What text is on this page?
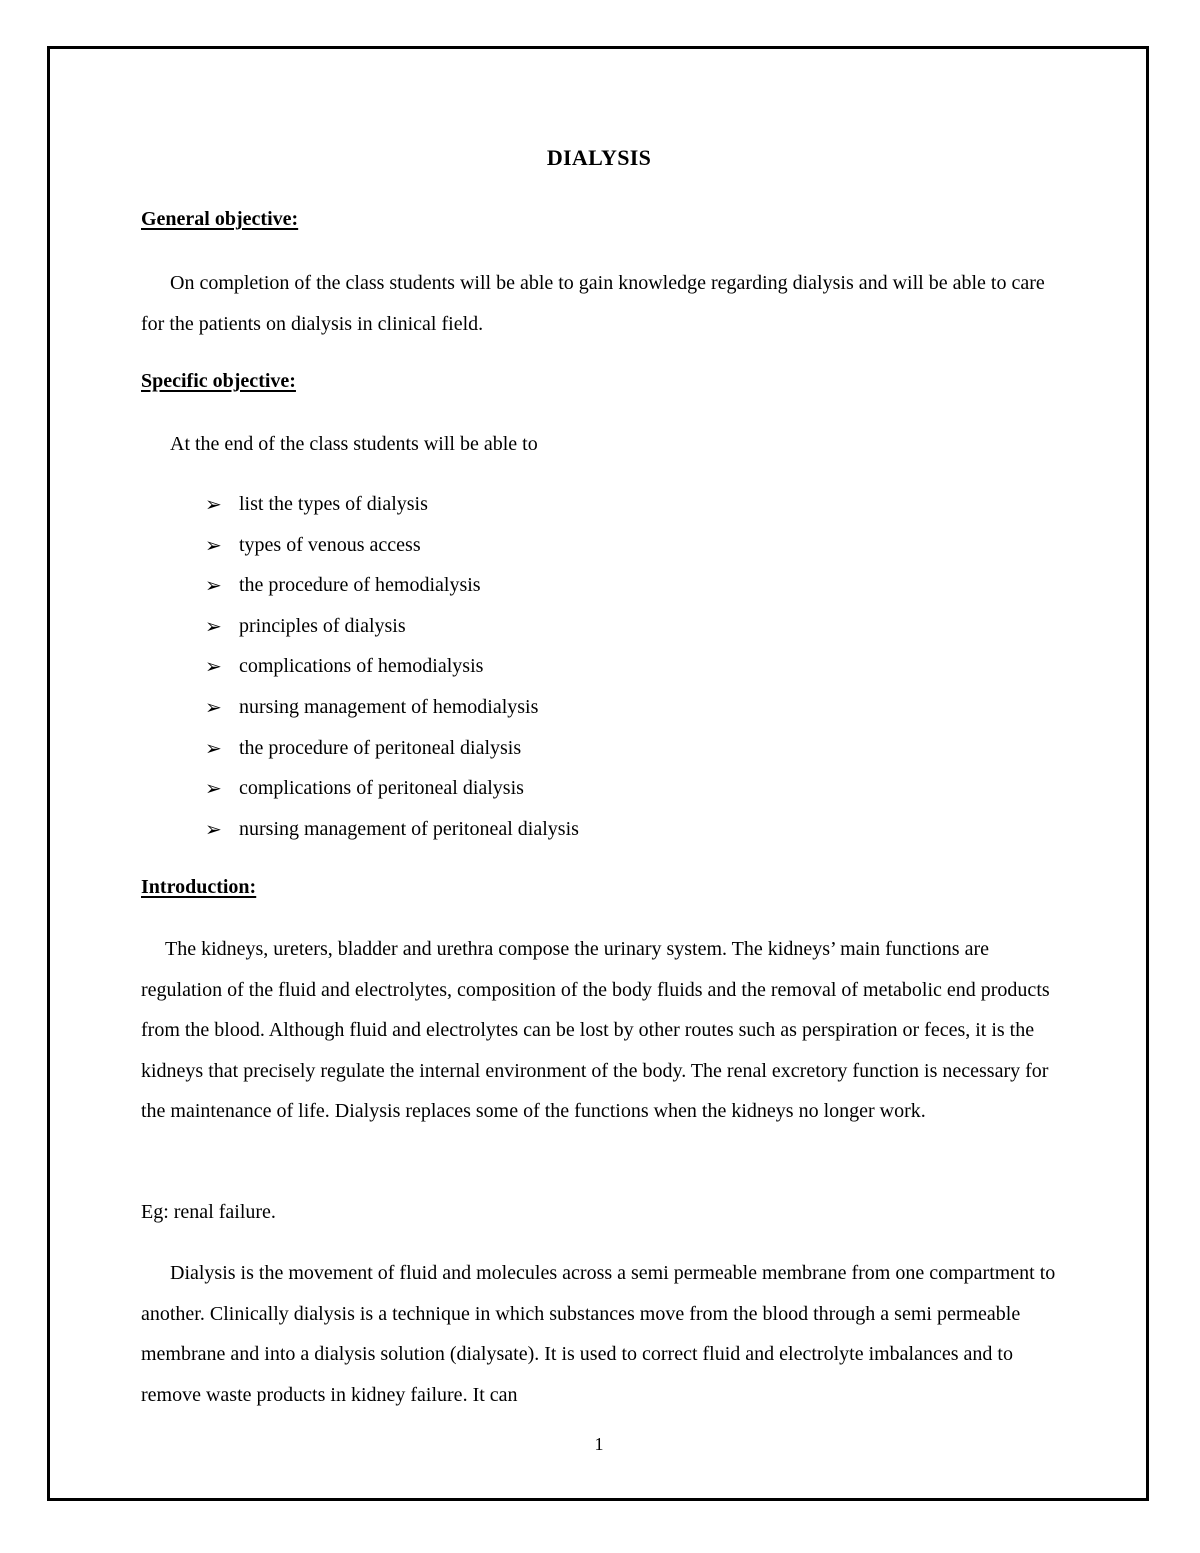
DIALYSIS
General objective:

On completion of the class students will be able to gain knowledge regarding dialysis and will be able to care for the patients on dialysis in clinical field.

Specific objective:

At the end of the class students will be able to

➢ list the types of dialysis
➢ types of venous access
➢ the procedure of hemodialysis
➢ principles of dialysis
➢ complications of hemodialysis
➢ nursing management of hemodialysis
➢ the procedure of peritoneal dialysis
➢ complications of peritoneal dialysis
➢ nursing management of peritoneal dialysis
Introduction:

The kidneys, ureters, bladder and urethra compose the urinary system. The kidneys’ main functions are regulation of the fluid and electrolytes, composition of the body fluids and the removal of metabolic end products from the blood. Although fluid and electrolytes can be lost by other routes such as perspiration or feces, it is the kidneys that precisely regulate the internal environment of the body. The renal excretory function is necessary for the maintenance of life. Dialysis replaces some of the functions when the kidneys no longer work.

Eg: renal failure.

Dialysis is the movement of fluid and molecules across a semi permeable membrane from one compartment to another. Clinically dialysis is a technique in which substances move from the blood through a semi permeable membrane and into a dialysis solution (dialysate). It is used to correct fluid and electrolyte imbalances and to remove waste products in kidney failure. It can

1
